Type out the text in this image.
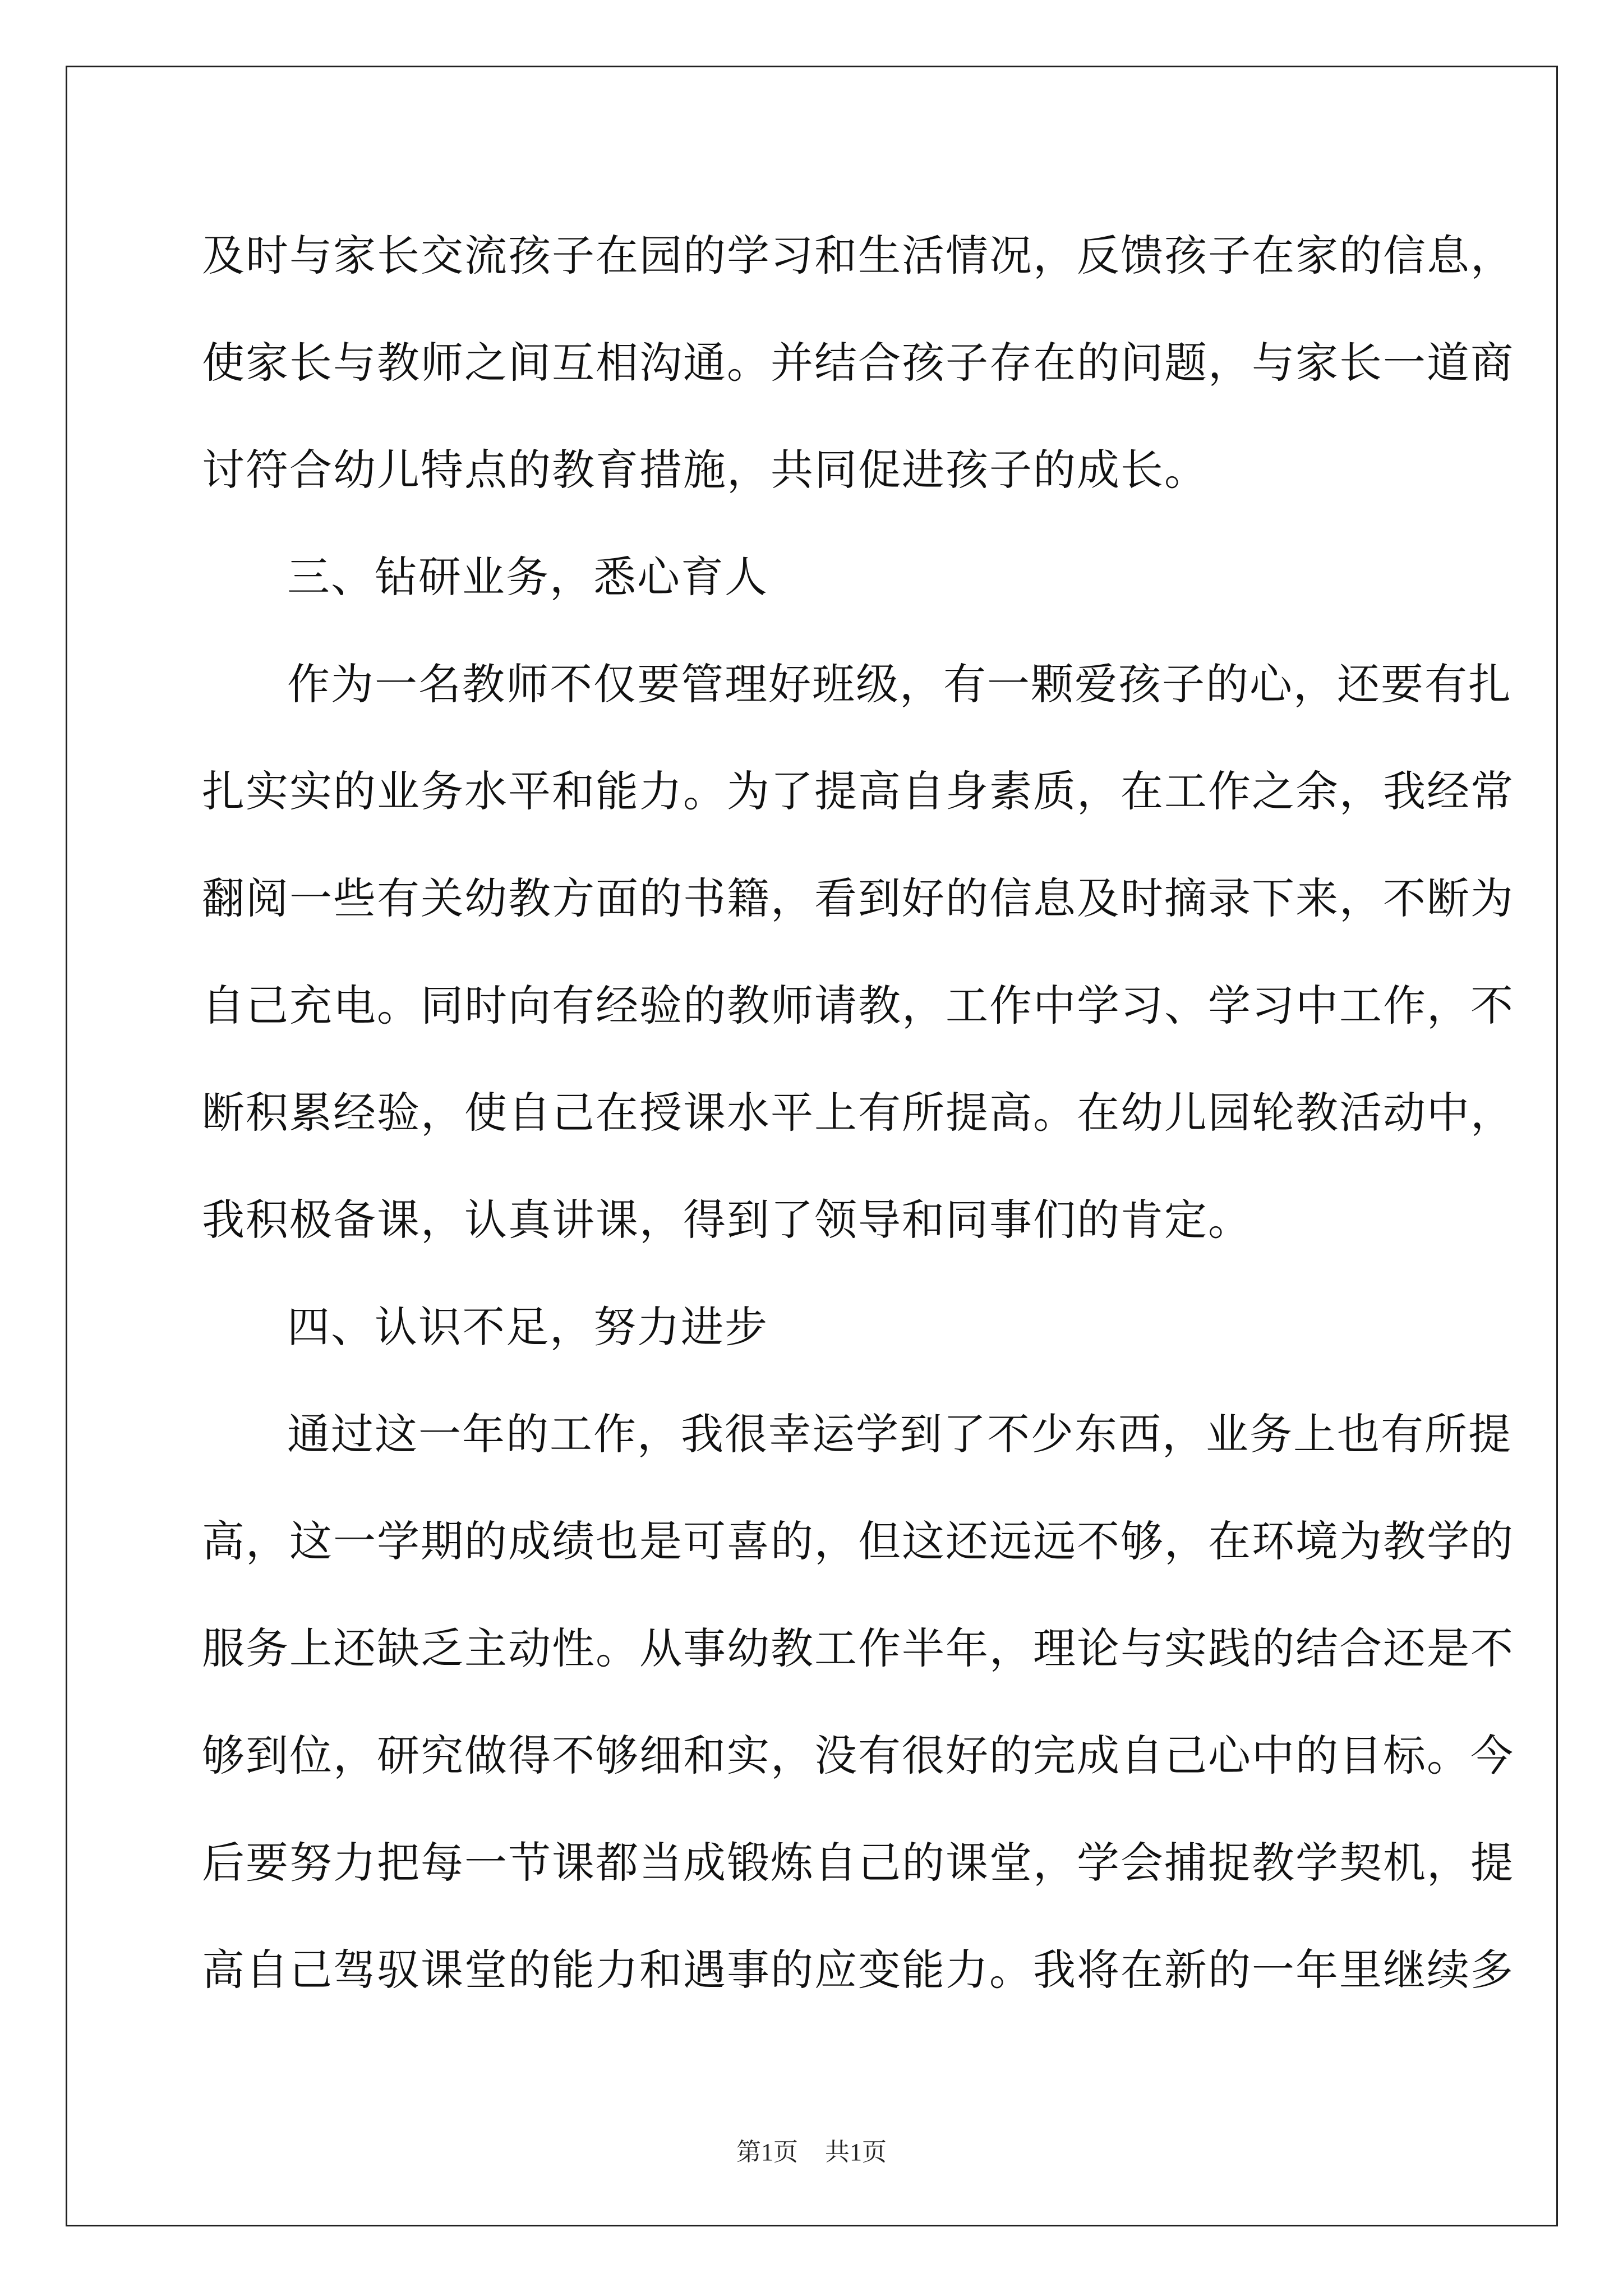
及时与家长交流孩子在园的学习和生活情况，反馈孩子在家的信息，
使家长与教师之间互相沟通。并结合孩子存在的问题，与家长一道商
讨符合幼儿特点的教育措施，共同促进孩子的成长。
三、钻研业务，悉心育人
作为一名教师不仅要管理好班级，有一颗爱孩子的心，还要有扎
扎实实的业务水平和能力。为了提高自身素质，在工作之余，我经常
翻阅一些有关幼教方面的书籍，看到好的信息及时摘录下来，不断为
自己充电。同时向有经验的教师请教，工作中学习、学习中工作，不
断积累经验，使自己在授课水平上有所提高。在幼儿园轮教活动中，
我积极备课，认真讲课，得到了领导和同事们的肯定。
四、认识不足，努力进步
通过这一年的工作，我很幸运学到了不少东西，业务上也有所提
高，这一学期的成绩也是可喜的，但这还远远不够，在环境为教学的
服务上还缺乏主动性。从事幼教工作半年，理论与实践的结合还是不
够到位，研究做得不够细和实，没有很好的完成自己心中的目标。今
后要努力把每一节课都当成锻炼自己的课堂，学会捕捉教学契机，提
高自己驾驭课堂的能力和遇事的应变能力。我将在新的一年里继续多
第1页 共1页
